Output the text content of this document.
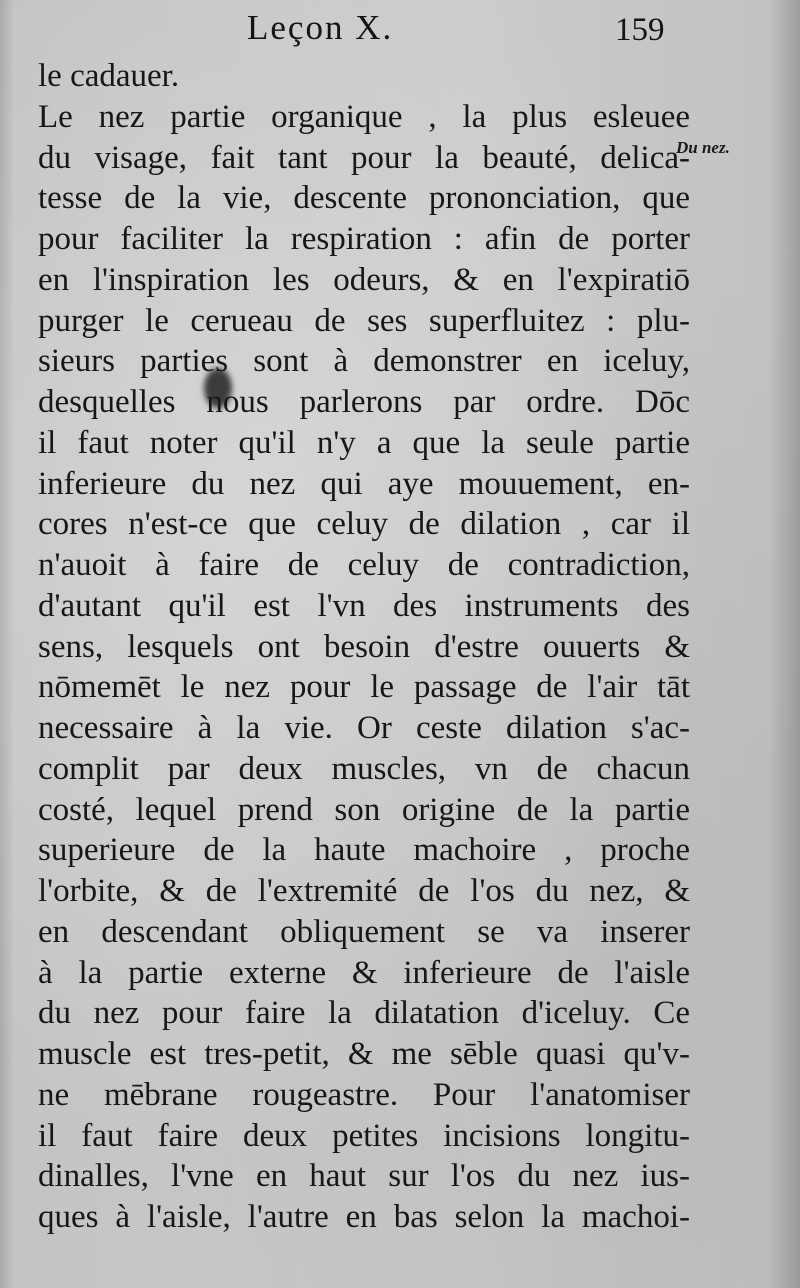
Leçon X.	159
Du nez.
le cadauer.
Le nez partie organique , la plus esleuee
du visage, fait tant pour la beauté, delica-
tesse de la vie, descente prononciation, que
pour faciliter la respiration : afin de porter
en l'inspiration les odeurs, & en l'expiratiō
purger le cerueau de ses superfluitez : plu-
sieurs parties sont à demonstrer en iceluy,
desquelles nous parlerons par ordre. Dōc
il faut noter qu'il n'y a que la seule partie
inferieure du nez qui aye mouuement, en-
cores n'est-ce que celuy de dilation , car il
n'auoit à faire de celuy de contradiction,
d'autant qu'il est l'vn des instruments des
sens, lesquels ont besoin d'estre ouuerts &
nōmemēt le nez pour le passage de l'air tāt
necessaire à la vie. Or ceste dilation s'ac-
complit par deux muscles, vn de chacun
costé, lequel prend son origine de la partie
superieure de la haute machoire , proche
l'orbite, & de l'extremité de l'os du nez, &
en descendant obliquement se va inserer
à la partie externe & inferieure de l'aisle
du nez pour faire la dilatation d'iceluy. Ce
muscle est tres-petit, & me sēble quasi qu'v-
ne mēbrane rougeastre. Pour l'anatomiser
il faut faire deux petites incisions longitu-
dinalles, l'vne en haut sur l'os du nez ius-
ques à l'aisle, l'autre en bas selon la machoi-
